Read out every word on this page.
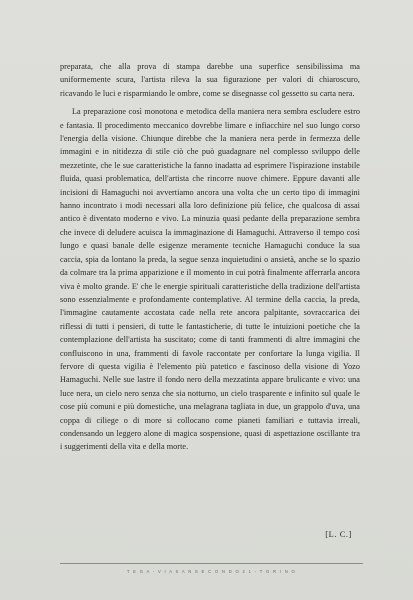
preparata, che alla prova di stampa darebbe una superfice sensibilissima ma uniformemente scura, l'artista rileva la sua figurazione per valori di chiaroscuro, ricavando le luci e risparmiando le ombre, come se disegnasse col gessetto su carta nera.

La preparazione così monotona e metodica della maniera nera sembra escludere estro e fantasia. Il procedimento meccanico dovrebbe limare e infiacchire nel suo lungo corso l'energia della visione. Chiunque direbbe che la maniera nera perde in fermezza delle immagini e in nitidezza di stile ciò che può guadagnare nel complesso sviluppo delle mezzetinte, che le sue caratteristiche la fanno inadatta ad esprimere l'ispirazione instabile fluida, quasi problematica, dell'artista che rincorre nuove chimere. Eppure davanti alle incisioni di Hamaguchi noi avvertiamo ancora una volta che un certo tipo di immagini hanno incontrato i modi necessari alla loro definizione più felice, che qualcosa di assai antico è diventato moderno e vivo. La minuzia quasi pedante della preparazione sembra che invece di deludere acuisca la immaginazione di Hamaguchi. Attraverso il tempo così lungo e quasi banale delle esigenze meramente tecniche Hamaguchi conduce la sua caccia, spia da lontano la preda, la segue senza inquietudini o ansietà, anche se lo spazio da colmare tra la prima apparizione e il momento in cui potrà finalmente afferrarla ancora viva è molto grande. E' che le energie spirituali caratteristiche della tradizione dell'artista sono essenzialmente e profondamente contemplative. Al termine della caccia, la preda, l'immagine cautamente accostata cade nella rete ancora palpitante, sovraccarica dei riflessi di tutti i pensieri, di tutte le fantasticherie, di tutte le intuizioni poetiche che la contemplazione dell'artista ha suscitato; come di tanti frammenti di altre immagini che confluiscono in una, frammenti di favole raccontate per confortare la lunga vigilia. Il fervore di questa vigilia è l'elemento più patetico e fascinoso della visione di Yozo Hamaguchi. Nelle sue lastre il fondo nero della mezzatinta appare brulicante e vivo: una luce nera, un cielo nero senza che sia notturno, un cielo trasparente e infinito sul quale le cose più comuni e più domestiche, una melagrana tagliata in due, un grappolo d'uva, una coppa di ciliege o di more si collocano come pianeti familiari e tuttavia irreali, condensando un leggero alone di magica sospensione, quasi di aspettazione oscillante tra i suggerimenti della vita e della morte.

[L. C.]
T E G A - V I A S A N S E C O N D O 2 1 - T O R I N O
